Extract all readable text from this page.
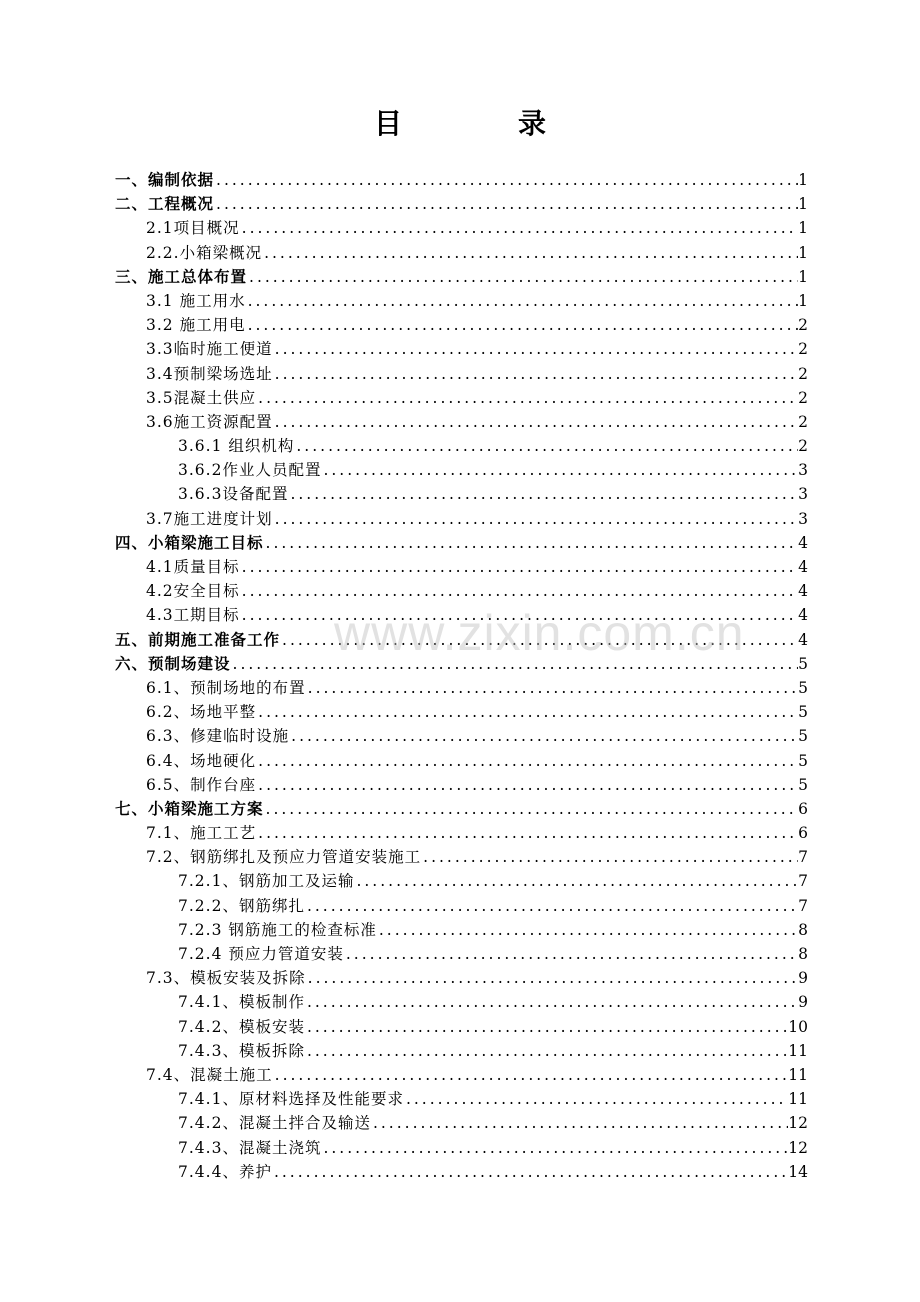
目　录
一、编制依据 .....	1
二、工程概况 .....	1
2.1项目概况 .....	1
2.2.小箱梁概况 .....	1
三、施工总体布置 .....	1
3.1 施工用水 .....	1
3.2 施工用电 .....	2
3.3临时施工便道 .....	2
3.4预制梁场选址 .....	2
3.5混凝土供应 .....	2
3.6施工资源配置 .....	2
3.6.1 组织机构 .....	2
3.6.2作业人员配置 .....	3
3.6.3设备配置 .....	3
3.7施工进度计划 .....	3
四、小箱梁施工目标 .....	4
4.1质量目标 .....	4
4.2安全目标 .....	4
4.3工期目标 .....	4
五、前期施工准备工作 .....	4
六、预制场建设 .....	5
6.1、预制场地的布置 .....	5
6.2、场地平整 .....	5
6.3、修建临时设施 .....	5
6.4、场地硬化 .....	5
6.5、制作台座 .....	5
七、小箱梁施工方案 .....	6
7.1、施工工艺 .....	6
7.2、钢筋绑扎及预应力管道安装施工 .....	7
7.2.1、钢筋加工及运输 .....	7
7.2.2、钢筋绑扎 .....	7
7.2.3 钢筋施工的检查标准 .....	8
7.2.4 预应力管道安装 .....	8
7.3、模板安装及拆除 .....	9
7.4.1、模板制作 .....	9
7.4.2、模板安装 .....	10
7.4.3、模板拆除 .....	11
7.4、混凝土施工 .....	11
7.4.1、原材料选择及性能要求 .....	11
7.4.2、混凝土拌合及输送 .....	12
7.4.3、混凝土浇筑 .....	12
7.4.4、养护 .....	14
www.zixin.com.cn
